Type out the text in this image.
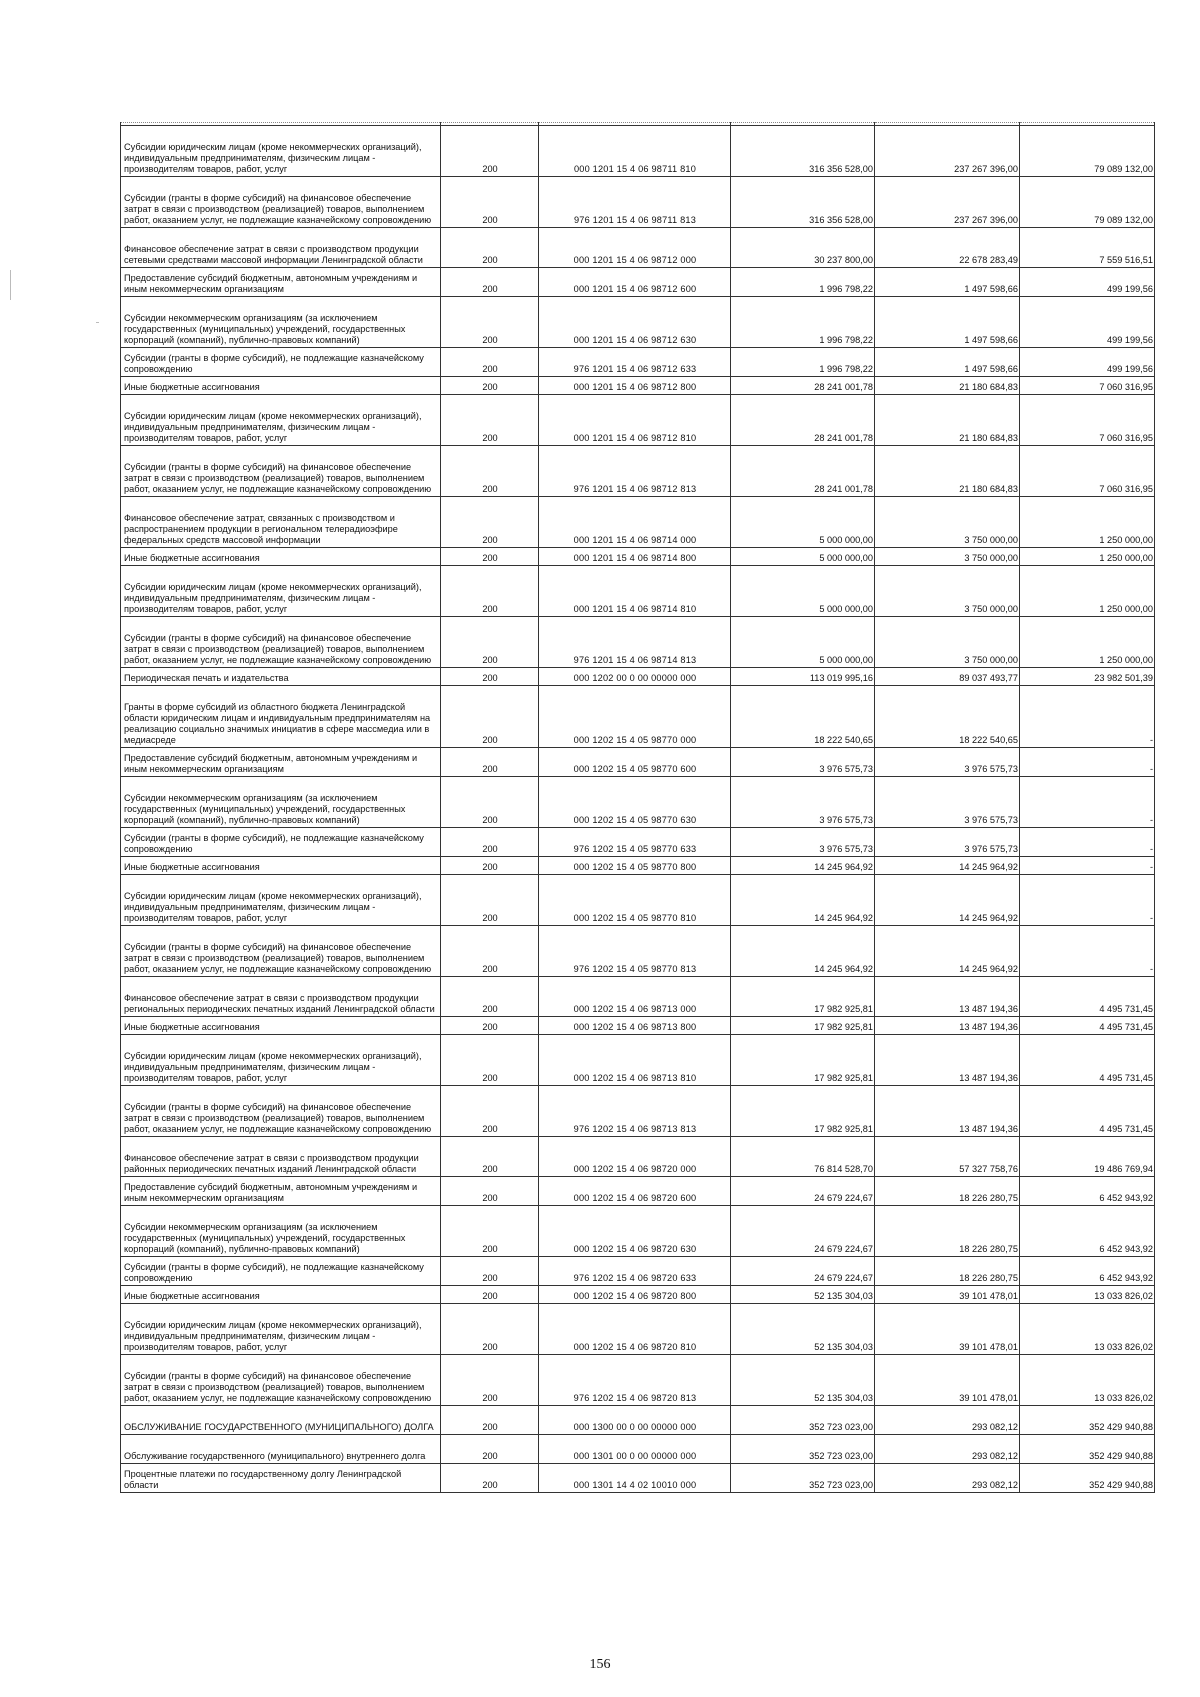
Субсидии юридическим лицам (кроме некоммерческих организаций), индивидуальным предпринимателям, физическим лицам - производителям товаров, работ, услуг	200	000 1201 15 4 06 98711 810	316 356 528,00	237 267 396,00	79 089 132,00
Субсидии (гранты в форме субсидий) на финансовое обеспечение затрат в связи с производством (реализацией) товаров, выполнением работ, оказанием услуг, не подлежащие казначейскому сопровождению	200	976 1201 15 4 06 98711 813	316 356 528,00	237 267 396,00	79 089 132,00
Финансовое обеспечение затрат в связи с производством продукции сетевыми средствами массовой информации Ленинградской области	200	000 1201 15 4 06 98712 000	30 237 800,00	22 678 283,49	7 559 516,51
Предоставление субсидий бюджетным, автономным учреждениям и иным некоммерческим организациям	200	000 1201 15 4 06 98712 600	1 996 798,22	1 497 598,66	499 199,56
Субсидии некоммерческим организациям (за исключением государственных (муниципальных) учреждений, государственных корпораций (компаний), публично-правовых компаний)	200	000 1201 15 4 06 98712 630	1 996 798,22	1 497 598,66	499 199,56
Субсидии (гранты в форме субсидий), не подлежащие казначейскому сопровождению	200	976 1201 15 4 06 98712 633	1 996 798,22	1 497 598,66	499 199,56
Иные бюджетные ассигнования	200	000 1201 15 4 06 98712 800	28 241 001,78	21 180 684,83	7 060 316,95
Субсидии юридическим лицам (кроме некоммерческих организаций), индивидуальным предпринимателям, физическим лицам - производителям товаров, работ, услуг	200	000 1201 15 4 06 98712 810	28 241 001,78	21 180 684,83	7 060 316,95
Субсидии (гранты в форме субсидий) на финансовое обеспечение затрат в связи с производством (реализацией) товаров, выполнением работ, оказанием услуг, не подлежащие казначейскому сопровождению	200	976 1201 15 4 06 98712 813	28 241 001,78	21 180 684,83	7 060 316,95
Финансовое обеспечение затрат, связанных с производством и распространением продукции в региональном телерадиоэфире федеральных средств массовой информации	200	000 1201 15 4 06 98714 000	5 000 000,00	3 750 000,00	1 250 000,00
Иные бюджетные ассигнования	200	000 1201 15 4 06 98714 800	5 000 000,00	3 750 000,00	1 250 000,00
Субсидии юридическим лицам (кроме некоммерческих организаций), индивидуальным предпринимателям, физическим лицам - производителям товаров, работ, услуг	200	000 1201 15 4 06 98714 810	5 000 000,00	3 750 000,00	1 250 000,00
Субсидии (гранты в форме субсидий) на финансовое обеспечение затрат в связи с производством (реализацией) товаров, выполнением работ, оказанием услуг, не подлежащие казначейскому сопровождению	200	976 1201 15 4 06 98714 813	5 000 000,00	3 750 000,00	1 250 000,00
Периодическая печать и издательства	200	000 1202 00 0 00 00000 000	113 019 995,16	89 037 493,77	23 982 501,39
Гранты в форме субсидий из областного бюджета Ленинградской области юридическим лицам и индивидуальным предпринимателям на реализацию социально значимых инициатив в сфере массмедиа или в медиасреде	200	000 1202 15 4 05 98770 000	18 222 540,65	18 222 540,65	-
Предоставление субсидий бюджетным, автономным учреждениям и иным некоммерческим организациям	200	000 1202 15 4 05 98770 600	3 976 575,73	3 976 575,73	-
Субсидии некоммерческим организациям (за исключением государственных (муниципальных) учреждений, государственных корпораций (компаний), публично-правовых компаний)	200	000 1202 15 4 05 98770 630	3 976 575,73	3 976 575,73	-
Субсидии (гранты в форме субсидий), не подлежащие казначейскому сопровождению	200	976 1202 15 4 05 98770 633	3 976 575,73	3 976 575,73	-
Иные бюджетные ассигнования	200	000 1202 15 4 05 98770 800	14 245 964,92	14 245 964,92	-
Субсидии юридическим лицам (кроме некоммерческих организаций), индивидуальным предпринимателям, физическим лицам - производителям товаров, работ, услуг	200	000 1202 15 4 05 98770 810	14 245 964,92	14 245 964,92	-
Субсидии (гранты в форме субсидий) на финансовое обеспечение затрат в связи с производством (реализацией) товаров, выполнением работ, оказанием услуг, не подлежащие казначейскому сопровождению	200	976 1202 15 4 05 98770 813	14 245 964,92	14 245 964,92	-
Финансовое обеспечение затрат в связи с производством продукции региональных периодических печатных изданий Ленинградской области	200	000 1202 15 4 06 98713 000	17 982 925,81	13 487 194,36	4 495 731,45
Иные бюджетные ассигнования	200	000 1202 15 4 06 98713 800	17 982 925,81	13 487 194,36	4 495 731,45
Субсидии юридическим лицам (кроме некоммерческих организаций), индивидуальным предпринимателям, физическим лицам - производителям товаров, работ, услуг	200	000 1202 15 4 06 98713 810	17 982 925,81	13 487 194,36	4 495 731,45
Субсидии (гранты в форме субсидий) на финансовое обеспечение затрат в связи с производством (реализацией) товаров, выполнением работ, оказанием услуг, не подлежащие казначейскому сопровождению	200	976 1202 15 4 06 98713 813	17 982 925,81	13 487 194,36	4 495 731,45
Финансовое обеспечение затрат в связи с производством продукции районных периодических печатных изданий Ленинградской области	200	000 1202 15 4 06 98720 000	76 814 528,70	57 327 758,76	19 486 769,94
Предоставление субсидий бюджетным, автономным учреждениям и иным некоммерческим организациям	200	000 1202 15 4 06 98720 600	24 679 224,67	18 226 280,75	6 452 943,92
Субсидии некоммерческим организациям (за исключением государственных (муниципальных) учреждений, государственных корпораций (компаний), публично-правовых компаний)	200	000 1202 15 4 06 98720 630	24 679 224,67	18 226 280,75	6 452 943,92
Субсидии (гранты в форме субсидий), не подлежащие казначейскому сопровождению	200	976 1202 15 4 06 98720 633	24 679 224,67	18 226 280,75	6 452 943,92
Иные бюджетные ассигнования	200	000 1202 15 4 06 98720 800	52 135 304,03	39 101 478,01	13 033 826,02
Субсидии юридическим лицам (кроме некоммерческих организаций), индивидуальным предпринимателям, физическим лицам - производителям товаров, работ, услуг	200	000 1202 15 4 06 98720 810	52 135 304,03	39 101 478,01	13 033 826,02
Субсидии (гранты в форме субсидий) на финансовое обеспечение затрат в связи с производством (реализацией) товаров, выполнением работ, оказанием услуг, не подлежащие казначейскому сопровождению	200	976 1202 15 4 06 98720 813	52 135 304,03	39 101 478,01	13 033 826,02
ОБСЛУЖИВАНИЕ ГОСУДАРСТВЕННОГО (МУНИЦИПАЛЬНОГО) ДОЛГА	200	000 1300 00 0 00 00000 000	352 723 023,00	293 082,12	352 429 940,88
Обслуживание государственного (муниципального) внутреннего долга	200	000 1301 00 0 00 00000 000	352 723 023,00	293 082,12	352 429 940,88
Процентные платежи по государственному долгу Ленинградской области	200	000 1301 14 4 02 10010 000	352 723 023,00	293 082,12	352 429 940,88
156
